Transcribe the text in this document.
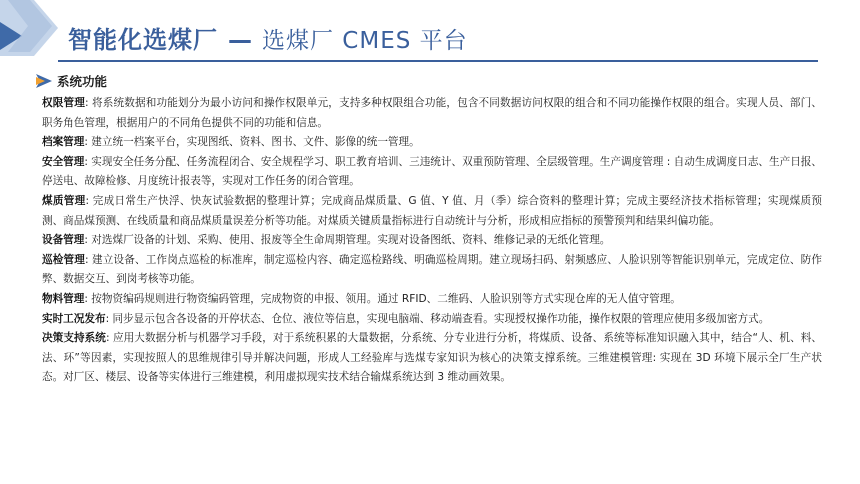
智能化选煤厂 — 选煤厂 CMES 平台
系统功能

权限管理: 将系统数据和功能划分为最小访问和操作权限单元，支持多种权限组合功能，包含不同数据访问权限的组合和不同功能操作权限的组合。实现人员、部门、职务角色管理，根据用户的不同角色提供不同的功能和信息。

档案管理: 建立统一档案平台，实现图纸、资料、图书、文件、影像的统一管理。

安全管理: 实现安全任务分配、任务流程闭合、安全规程学习、职工教育培训、三违统计、双重预防管理、全层级管理。生产调度管理 : 自动生成调度日志、生产日报、停送电、故障检修、月度统计报表等，实现对工作任务的闭合管理。

煤质管理: 完成日常生产快浮、快灰试验数据的整理计算；完成商品煤质量、G 值、Y 值、月（季）综合资料的整理计算；完成主要经济技术指标管理；实现煤质预测、商品煤预测、在线质量和商品煤质量误差分析等功能。对煤质关键质量指标进行自动统计与分析，形成相应指标的预警预判和结果纠偏功能。

设备管理: 对选煤厂设备的计划、采购、使用、报废等全生命周期管理。实现对设备图纸、资料、维修记录的无纸化管理。

巡检管理: 建立设备、工作岗点巡检的标准库，制定巡检内容、确定巡检路线、明确巡检周期。建立现场扫码、射频感应、人脸识别等智能识别单元，完成定位、防作弊、数据交互、到岗考核等功能。

物料管理: 按物资编码规则进行物资编码管理，完成物资的申报、领用。通过 RFID、二维码、人脸识别等方式实现仓库的无人值守管理。

实时工况发布: 同步显示包含各设备的开停状态、仓位、液位等信息，实现电脑端、移动端查看。实现授权操作功能，操作权限的管理应使用多级加密方式。

决策支持系统: 应用大数据分析与机器学习手段，对于系统积累的大量数据，分系统、分专业进行分析，将煤质、设备、系统等标准知识融入其中，结合“人、机、料、法、环”等因素，实现按照人的思维规律引导并解决问题，形成人工经验库与选煤专家知识为核心的决策支撑系统。三维建模管理: 实现在 3D 环境下展示全厂生产状态。对厂区、楼层、设备等实体进行三维建模，利用虚拟现实技术结合输煤系统达到 3 维动画效果。
